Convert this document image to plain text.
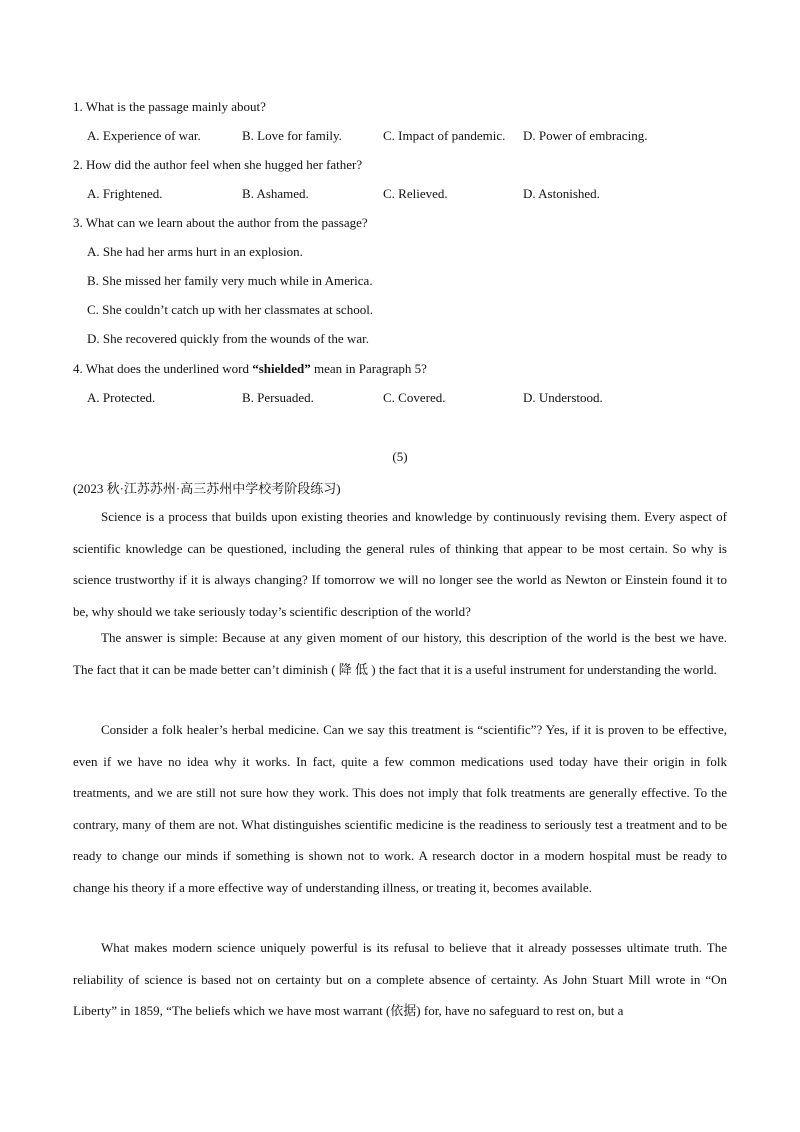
1. What is the passage mainly about?
A. Experience of war.	B. Love for family.	C. Impact of pandemic. D. Power of embracing.
2. How did the author feel when she hugged her father?
A. Frightened.	B. Ashamed.	C. Relieved.	D. Astonished.
3. What can we learn about the author from the passage?
A. She had her arms hurt in an explosion.
B. She missed her family very much while in America.
C. She couldn’t catch up with her classmates at school.
D. She recovered quickly from the wounds of the war.
4. What does the underlined word “shielded” mean in Paragraph 5?
A. Protected.	B. Persuaded.	C. Covered.	D. Understood.
(5)
(2023 秋·江苏苏州·高三苏州中学校考阶段练习)

Science is a process that builds upon existing theories and knowledge by continuously revising them. Every aspect of scientific knowledge can be questioned, including the general rules of thinking that appear to be most certain. So why is science trustworthy if it is always changing? If tomorrow we will no longer see the world as Newton or Einstein found it to be, why should we take seriously today’s scientific description of the world?

The answer is simple: Because at any given moment of our history, this description of the world is the best we have. The fact that it can be made better can’t diminish ( 降 低 ) the fact that it is a useful instrument for understanding the world.

Consider a folk healer’s herbal medicine. Can we say this treatment is “scientific”? Yes, if it is proven to be effective, even if we have no idea why it works. In fact, quite a few common medications used today have their origin in folk treatments, and we are still not sure how they work. This does not imply that folk treatments are generally effective. To the contrary, many of them are not. What distinguishes scientific medicine is the readiness to seriously test a treatment and to be ready to change our minds if something is shown not to work. A research doctor in a modern hospital must be ready to change his theory if a more effective way of understanding illness, or treating it, becomes available.

What makes modern science uniquely powerful is its refusal to believe that it already possesses ultimate truth. The reliability of science is based not on certainty but on a complete absence of certainty. As John Stuart Mill wrote in “On Liberty” in 1859, “The beliefs which we have most warrant (依据) for, have no safeguard to rest on, but a
